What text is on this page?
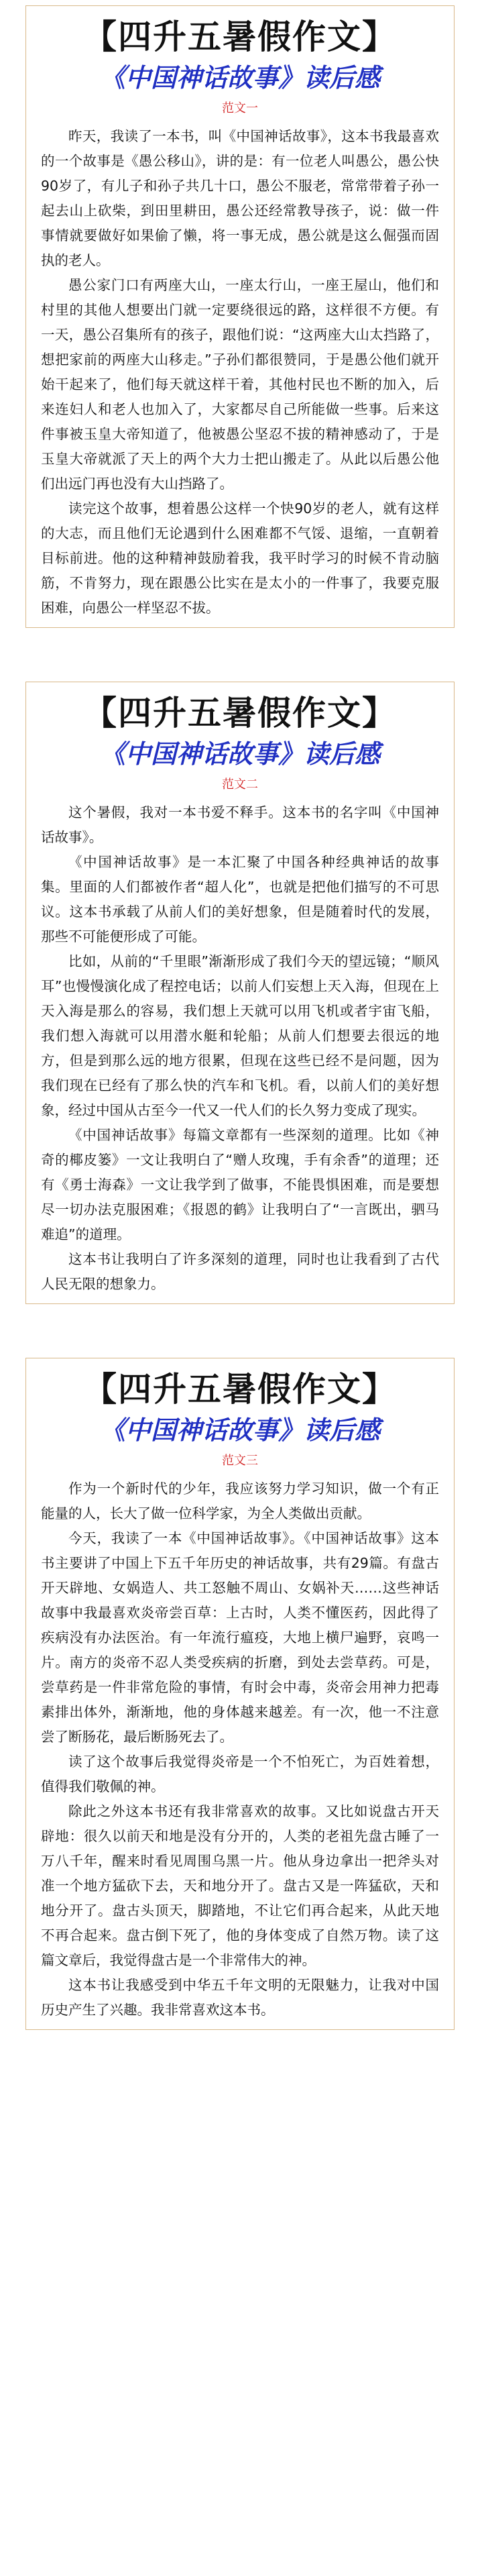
【四升五暑假作文】
《中国神话故事》读后感
范文一

昨天，我读了一本书，叫《中国神话故事》，这本书我最喜欢的一个故事是《愚公移山》，讲的是：有一位老人叫愚公，愚公快90岁了，有儿子和孙子共几十口，愚公不服老，常常带着子孙一起去山上砍柴，到田里耕田，愚公还经常教导孩子，说：做一件事情就要做好如果偷了懒，将一事无成，愚公就是这么倔强而固执的老人。

愚公家门口有两座大山，一座太行山，一座王屋山，他们和村里的其他人想要出门就一定要绕很远的路，这样很不方便。有一天，愚公召集所有的孩子，跟他们说：“这两座大山太挡路了，想把家前的两座大山移走。”子孙们都很赞同，于是愚公他们就开始干起来了，他们每天就这样干着，其他村民也不断的加入，后来连妇人和老人也加入了，大家都尽自己所能做一些事。后来这件事被玉皇大帝知道了，他被愚公坚忍不拔的精神感动了，于是玉皇大帝就派了天上的两个大力士把山搬走了。从此以后愚公他们出远门再也没有大山挡路了。

读完这个故事，想着愚公这样一个快90岁的老人，就有这样的大志，而且他们无论遇到什么困难都不气馁、退缩，一直朝着目标前进。他的这种精神鼓励着我，我平时学习的时候不肯动脑筋，不肯努力，现在跟愚公比实在是太小的一件事了，我要克服困难，向愚公一样坚忍不拔。

【四升五暑假作文】
《中国神话故事》读后感
范文二

这个暑假，我对一本书爱不释手。这本书的名字叫《中国神话故事》。

《中国神话故事》是一本汇聚了中国各种经典神话的故事集。里面的人们都被作者“超人化”，也就是把他们描写的不可思议。这本书承载了从前人们的美好想象，但是随着时代的发展，那些不可能便形成了可能。

比如，从前的“千里眼”渐渐形成了我们今天的望远镜；“顺风耳”也慢慢演化成了程控电话；以前人们妄想上天入海，但现在上天入海是那么的容易，我们想上天就可以用飞机或者宇宙飞船，我们想入海就可以用潜水艇和轮船；从前人们想要去很远的地方，但是到那么远的地方很累，但现在这些已经不是问题，因为我们现在已经有了那么快的汽车和飞机。看，以前人们的美好想象，经过中国从古至今一代又一代人们的长久努力变成了现实。

《中国神话故事》每篇文章都有一些深刻的道理。比如《神奇的椰皮篓》一文让我明白了“赠人玫瑰，手有余香”的道理；还有《勇士海森》一文让我学到了做事，不能畏惧困难，而是要想尽一切办法克服困难；《报恩的鹤》让我明白了“一言既出，驷马难追”的道理。

这本书让我明白了许多深刻的道理，同时也让我看到了古代人民无限的想象力。

【四升五暑假作文】
《中国神话故事》读后感
范文三

作为一个新时代的少年，我应该努力学习知识，做一个有正能量的人，长大了做一位科学家，为全人类做出贡献。

今天，我读了一本《中国神话故事》。《中国神话故事》这本书主要讲了中国上下五千年历史的神话故事，共有29篇。有盘古开天辟地、女娲造人、共工怒触不周山、女娲补天……这些神话故事中我最喜欢炎帝尝百草：上古时，人类不懂医药，因此得了疾病没有办法医治。有一年流行瘟疫，大地上横尸遍野，哀鸣一片。南方的炎帝不忍人类受疾病的折磨，到处去尝草药。可是，尝草药是一件非常危险的事情，有时会中毒，炎帝会用神力把毒素排出体外，渐渐地，他的身体越来越差。有一次，他一不注意尝了断肠花，最后断肠死去了。

读了这个故事后我觉得炎帝是一个不怕死亡，为百姓着想，值得我们敬佩的神。

除此之外这本书还有我非常喜欢的故事。又比如说盘古开天辟地：很久以前天和地是没有分开的，人类的老祖先盘古睡了一万八千年，醒来时看见周围乌黑一片。他从身边拿出一把斧头对准一个地方猛砍下去，天和地分开了。盘古又是一阵猛砍，天和地分开了。盘古头顶天，脚踏地，不让它们再合起来，从此天地不再合起来。盘古倒下死了，他的身体变成了自然万物。读了这篇文章后，我觉得盘古是一个非常伟大的神。

这本书让我感受到中华五千年文明的无限魅力，让我对中国历史产生了兴趣。我非常喜欢这本书。
